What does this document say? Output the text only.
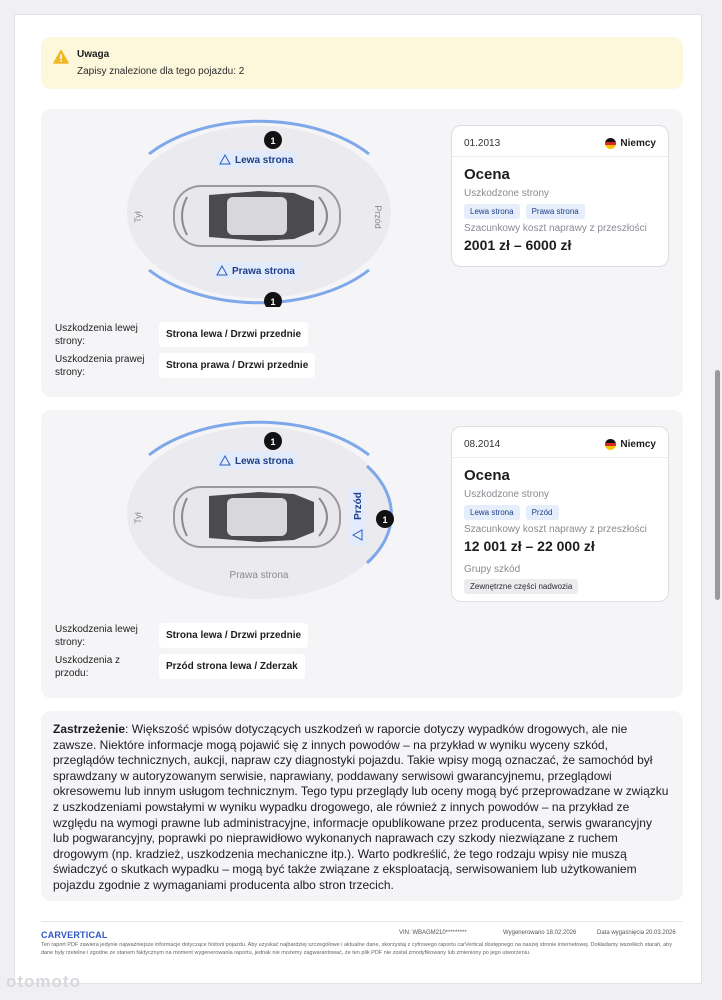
Uwaga
Zapisy znalezione dla tego pojazdu: 2
Lewa strona
Prawa strona
Tył	Przód
1
1
01.2013	Niemcy
Ocena
Uszkodzone strony
Lewa strona	Prawa strona
Szacunkowy koszt naprawy z przeszłości
2001 zł – 6000 zł
Uszkodzenia lewej strony:
Strona lewa / Drzwi przednie
Uszkodzenia prawej strony:
Strona prawa / Drzwi przednie
Lewa strona
Prawa strona
Tył	Przód
1
1
08.2014	Niemcy
Ocena
Uszkodzone strony
Lewa strona	Przód
Szacunkowy koszt naprawy z przeszłości
12 001 zł – 22 000 zł
Grupy szkód
Zewnętrzne części nadwozia
Uszkodzenia lewej strony:
Strona lewa / Drzwi przednie
Uszkodzenia z przodu:
Przód strona lewa / Zderzak
Zastrzeżenie: Większość wpisów dotyczących uszkodzeń w raporcie dotyczy wypadków drogowych, ale nie zawsze. Niektóre informacje mogą pojawić się z innych powodów – na przykład w wyniku wyceny szkód, przeglądów technicznych, aukcji, napraw czy diagnostyki pojazdu. Takie wpisy mogą oznaczać, że samochód był sprawdzany w autoryzowanym serwisie, naprawiany, poddawany serwisowi gwarancyjnemu, przeglądowi okresowemu lub innym usługom technicznym. Tego typu przeglądy lub oceny mogą być przeprowadzane w związku z uszkodzeniami powstałymi w wyniku wypadku drogowego, ale również z innych powodów – na przykład ze względu na wymogi prawne lub administracyjne, informacje opublikowane przez producenta, serwis gwarancyjny lub pogwarancyjny, poprawki po nieprawidłowo wykonanych naprawach czy szkody niezwiązane z ruchem drogowym (np. kradzież, uszkodzenia mechaniczne itp.). Warto podkreślić, że tego rodzaju wpisy nie muszą świadczyć o skutkach wypadku – mogą być także związane z eksploatacją, serwisowaniem lub użytkowaniem pojazdu zgodnie z wymaganiami producenta albo stron trzecich.
CARVERTICAL	VIN: WBAGM210*********	Wygenerowano 18.02.2026	Data wygaśnięcia 20.03.2026
Ten raport PDF zawiera jedynie najważniejsze informacje dotyczące historii pojazdu. Aby uzyskać najbardziej szczegółowe i aktualne dane, skorzystaj z cyfrowego raportu carVertical dostępnego na naszej stronie internetowej. Dokładamy wszelkich starań, aby dane były rzetelne i zgodne ze stanem faktycznym na moment wygenerowania raportu, jednak nie możemy zagwarantować, że ten plik PDF nie został zmodyfikowany lub zmieniony po jego utworzeniu.
otomoto
